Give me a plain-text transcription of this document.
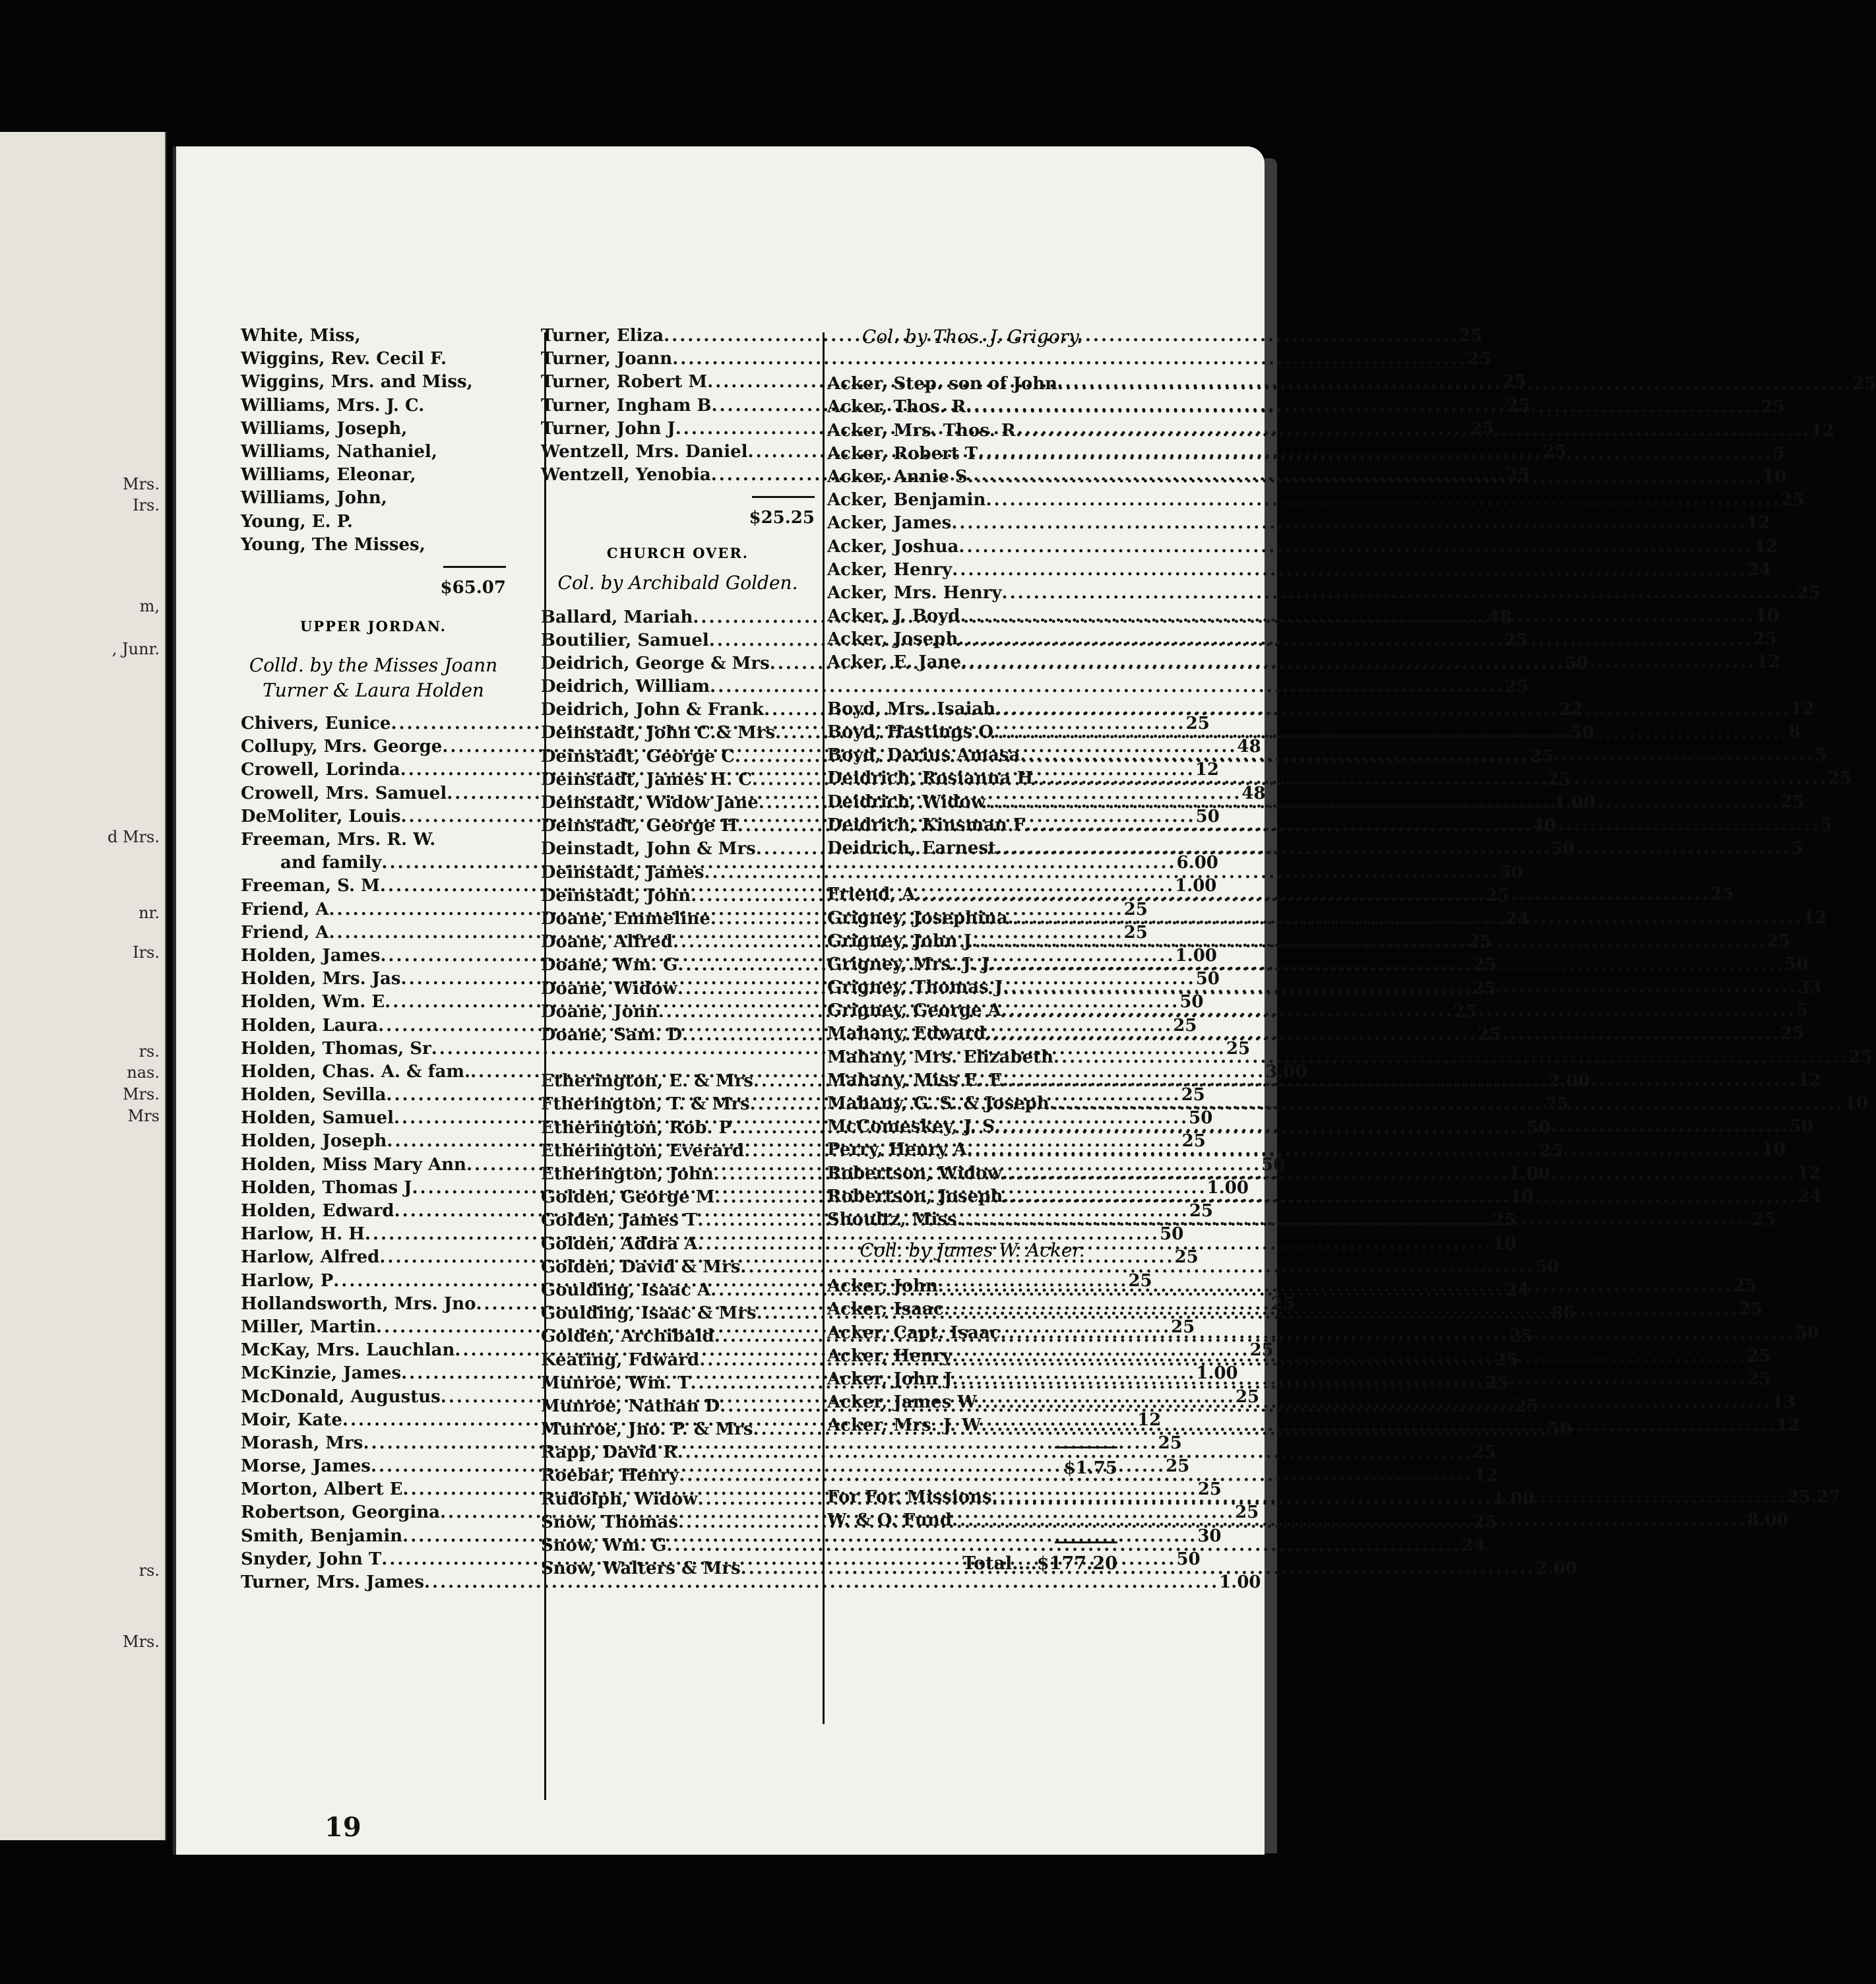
Mrs.
Irs.
m,
, Junr.
d Mrs.
nr.
Irs.
rs.
nas.
Mrs.
Mrs
rs.
Mrs.
White, Miss,
Wiggins, Rev. Cecil F.
Wiggins, Mrs. and Miss,
Williams, Mrs. J. C.
Williams, Joseph,
Williams, Nathaniel,
Williams, Eleonar,
Williams, John,
Young, E. P.
Young, The Misses,
$65.07
UPPER JORDAN.
Colld. by the Misses Joann
Turner & Laura Holden
Chivers, Eunice .....	25
Collupy, Mrs. George .....	48
Crowell, Lorinda .....	12
Crowell, Mrs. Samuel .....	48
DeMoliter, Louis .....	50
Freeman, Mrs. R. W.
and family .....	6.00
Freeman, S. M .....	1.00
Friend, A .....	25
Friend, A .....	25
Holden, James .....	1.00
Holden, Mrs. Jas .....	50
Holden, Wm. E .....	50
Holden, Laura .....	25
Holden, Thomas, Sr .....	25
Holden, Chas. A. & fam. .....	3.00
Holden, Sevilla .....	25
Holden, Samuel .....	50
Holden, Joseph .....	25
Holden, Miss Mary Ann .....	50
Holden, Thomas J .....	1.00
Holden, Edward .....	25
Harlow, H. H .....	50
Harlow, Alfred .....	25
Harlow, P .....	25
Hollandsworth, Mrs. Jno .....	25
Miller, Martin .....	25
McKay, Mrs. Lauchlan .....	25
McKinzie, James .....	1.00
McDonald, Augustus .....	25
Moir, Kate .....	12
Morash, Mrs .....	25
Morse, James .....	25
Morton, Albert E .....	25
Robertson, Georgina .....	25
Smith, Benjamin .....	30
Snyder, John T .....	50
Turner, Mrs. James .....	1.00
Turner, Eliza .....	25
Turner, Joann .....	25
Turner, Robert M .....	25
Turner, Ingham B .....	25
Turner, John J .....	25
Wentzell, Mrs. Daniel .....	25
Wentzell, Yenobia .....	25
$25.25
CHURCH OVER.
Col. by Archibald Golden.
Ballard, Mariah .....	48
Boutilier, Samuel .....	25
Deidrich, George & Mrs .....	50
Deidrich, William .....	25
Deidrich, John & Frank .....	22
Deinstadt, John C.& Mrs .....	50
Deinstadt, George C .....	25
Deinstadt, James H. C .....	25
Deinstadt, Widow Jane .....	1.00
Deinstadt, George H .....	40
Deinstadt, John & Mrs .....	50
Deinstadt, James .....	50
Deinstadt, John .....	25
Doane, Emmeline .....	24
Doane, Alfred .....	25
Doane, Wm. G .....	25
Doane, Widow .....	25
Doane, Jonn .....	25
Doane, Sam. D .....	25
Etherington, E. & Mrs .....	2.00
Ftherington, T. & Mrs .....	75
Etherington, Rob. P .....	50
Etherington, Everard .....	25
Etherington, John .....	1.00
Golden, George M .....	10
Golden, James T .....	25
Golden, Addra A .....	10
Golden, David & Mrs .....	50
Goulding, Isaac A .....	24
Goulding, Isaac & Mrs .....	86
Golden, Archibald .....	25
Keating, Fdward .....	25
Munroe, Wm. T .....	25
Munroe, Nathan D .....	25
Munroe, Jno. P. & Mrs .....	50
Rapp, David R .....	25
Roebar, Henry .....	12
Rudolph, Widow .....	1.00
Snow, Thomas .....	25
Snow, Wm. G .....	24
Snow, Walters & Mrs .....	2.00
Col. by Thos. J. Grigory.
Acker, Step. son of John .....	25
Acker, Thos. R .....	25
Acker, Mrs. Thos. R .....	12
Acker, Robert T .....	5
Acker, Annie S .....	10
Acker, Benjamin .....	25
Acker, James .....	12
Acker, Joshua .....	12
Acker, Henry .....	24
Acker, Mrs. Henry .....	25
Acker, J. Boyd .....	10
Acker, Joseph .....	25
Acker, E. Jane .....	12
Boyd, Mrs. Isaiah .....	12
Boyd, Hastings O .....	8
Boyd, Darius Amasa .....	5
Deidrich, Rosianna H .....	25
Deidrich, Widow .....	25
Deidrich, Kinsman F .....	5
Deidrich, Earnest .....	5
Friend, A .....	25
Grigney, Josephina .....	12
Grigney, John J .....	25
Grigney, Mrs. J. J .....	50
Grigney, Thomas J .....	33
Grigney, George A .....	5
Mahany, Edward .....	25
Mahany, Mrs. Elizabeth .....	25
Mahany, Miss E. E .....	12
Mahany, G. S. & Joseph .....	10
McComeskey, J. S .....	50
Perry, Henry A .....	10
Robertson, Widow .....	12
Robertson, Joseph .....	24
Shoultz, Miss .....	25
Coll. by James W. Acker.
Acker, John .....	25
Acker, Isaac .....	25
Acker, Capt. Isaac .....	50
Acker, Henry .....	25
Acker, John J .....	25
Acker, James W .....	13
Acker, Mrs. J. W .....	12
$1.75
For For. Missions .....	25.27
W. & O. Fund .....	8.00
Total....$177.20
19
